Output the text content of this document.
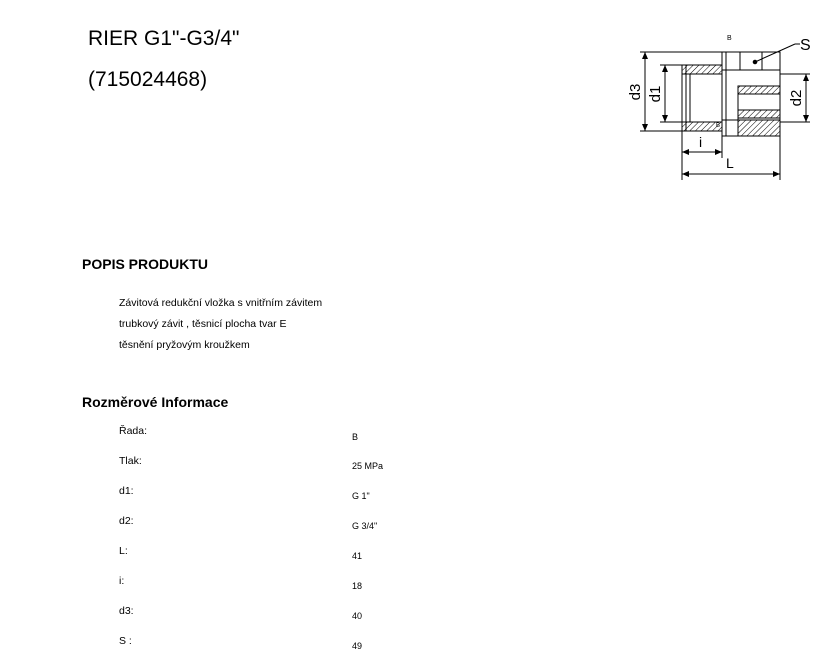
RIER G1"-G3/4"
(715024468)
d3 d1	d2
S
i
L
B
B
POPIS PRODUKTU
Závitová redukční vložka s vnitřním závitem
trubkový závit , těsnicí plocha tvar E
těsnění pryžovým kroužkem
Rozměrové Informace
Řada:	B
Tlak:	25 MPa
d1:	G 1"
d2:	G 3/4"
L:	41
i:	18
d3:	40
S :	49
